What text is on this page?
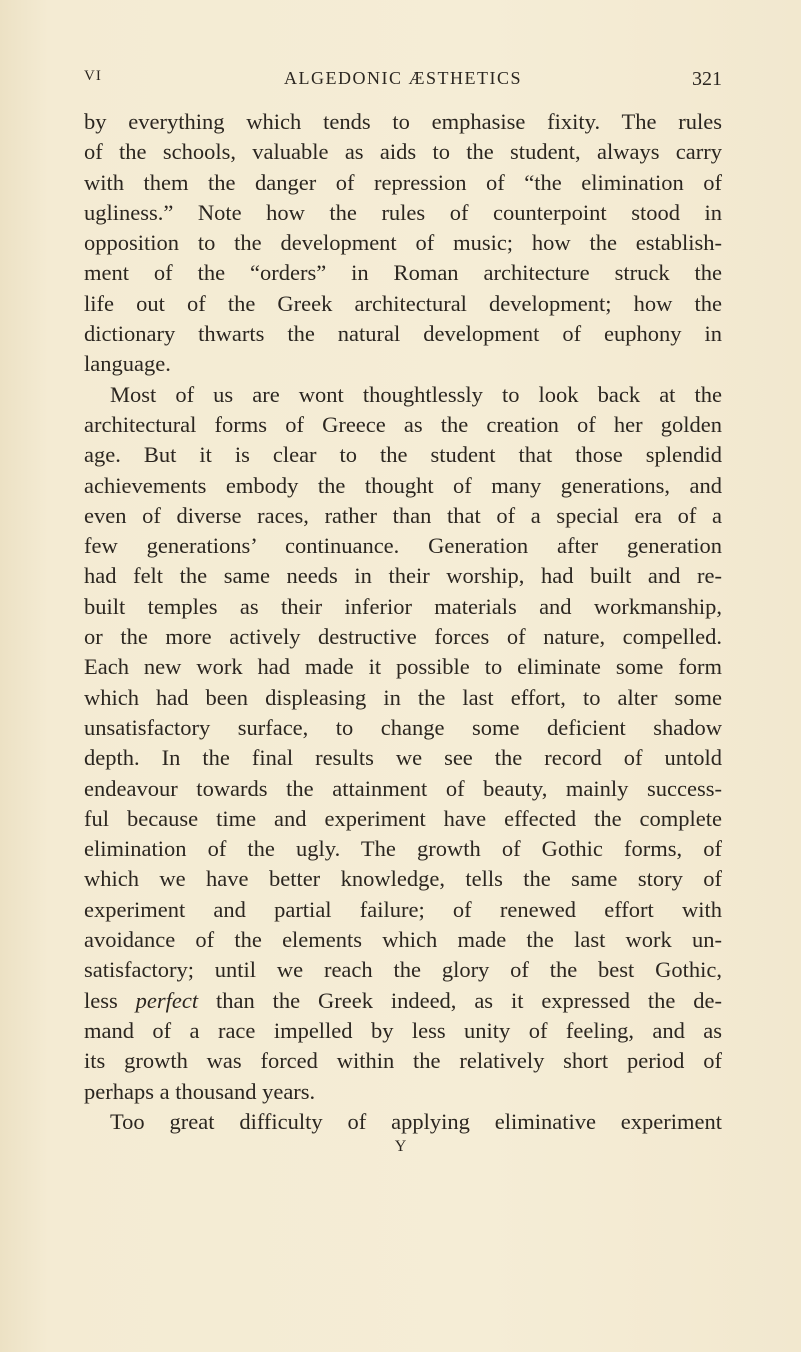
VI	ALGEDONIC ÆSTHETICS	321
by everything which tends to emphasise fixity. The rules
of the schools, valuable as aids to the student, always carry
with them the danger of repression of “the elimination of
ugliness.” Note how the rules of counterpoint stood in
opposition to the development of music; how the establish-
ment of the “orders” in Roman architecture struck the
life out of the Greek architectural development; how the
dictionary thwarts the natural development of euphony in
language.
Most of us are wont thoughtlessly to look back at the
architectural forms of Greece as the creation of her golden
age. But it is clear to the student that those splendid
achievements embody the thought of many generations, and
even of diverse races, rather than that of a special era of a
few generations’ continuance. Generation after generation
had felt the same needs in their worship, had built and re-
built temples as their inferior materials and workmanship,
or the more actively destructive forces of nature, compelled.
Each new work had made it possible to eliminate some form
which had been displeasing in the last effort, to alter some
unsatisfactory surface, to change some deficient shadow
depth. In the final results we see the record of untold
endeavour towards the attainment of beauty, mainly success-
ful because time and experiment have effected the complete
elimination of the ugly. The growth of Gothic forms, of
which we have better knowledge, tells the same story of
experiment and partial failure; of renewed effort with
avoidance of the elements which made the last work un-
satisfactory; until we reach the glory of the best Gothic,
less perfect than the Greek indeed, as it expressed the de-
mand of a race impelled by less unity of feeling, and as
its growth was forced within the relatively short period of
perhaps a thousand years.
Too great difficulty of applying eliminative experiment
Y
